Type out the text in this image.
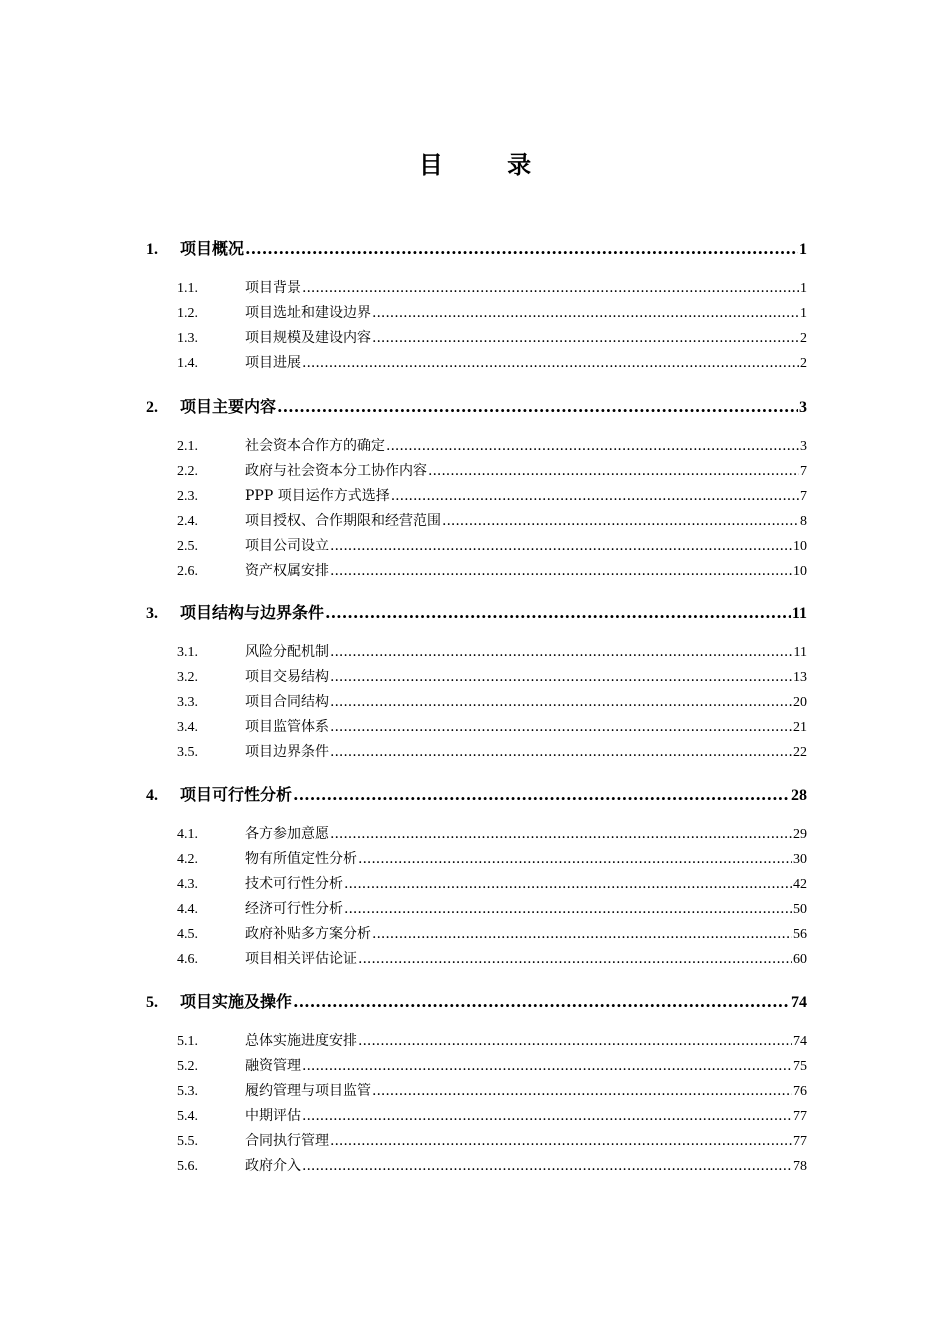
目 录
1.	项目概况 .....	1
1.1.	项目背景 .....	1
1.2.	项目选址和建设边界 .....	1
1.3.	项目规模及建设内容 .....	2
1.4.	项目进展 .....	2
2.	项目主要内容 .....	3
2.1.	社会资本合作方的确定 .....	3
2.2.	政府与社会资本分工协作内容 .....	7
2.3.	PPP 项目运作方式选择 .....	7
2.4.	项目授权、合作期限和经营范围 .....	8
2.5.	项目公司设立 .....	10
2.6.	资产权属安排 .....	10
3.	项目结构与边界条件 .....	11
3.1.	风险分配机制 .....	11
3.2.	项目交易结构 .....	13
3.3.	项目合同结构 .....	20
3.4.	项目监管体系 .....	21
3.5.	项目边界条件 .....	22
4.	项目可行性分析 .....	28
4.1.	各方参加意愿 .....	29
4.2.	物有所值定性分析 .....	30
4.3.	技术可行性分析 .....	42
4.4.	经济可行性分析 .....	50
4.5.	政府补贴多方案分析 .....	56
4.6.	项目相关评估论证 .....	60
5.	项目实施及操作 .....	74
5.1.	总体实施进度安排 .....	74
5.2.	融资管理 .....	75
5.3.	履约管理与项目监管 .....	76
5.4.	中期评估 .....	77
5.5.	合同执行管理 .....	77
5.6.	政府介入 .....	78
